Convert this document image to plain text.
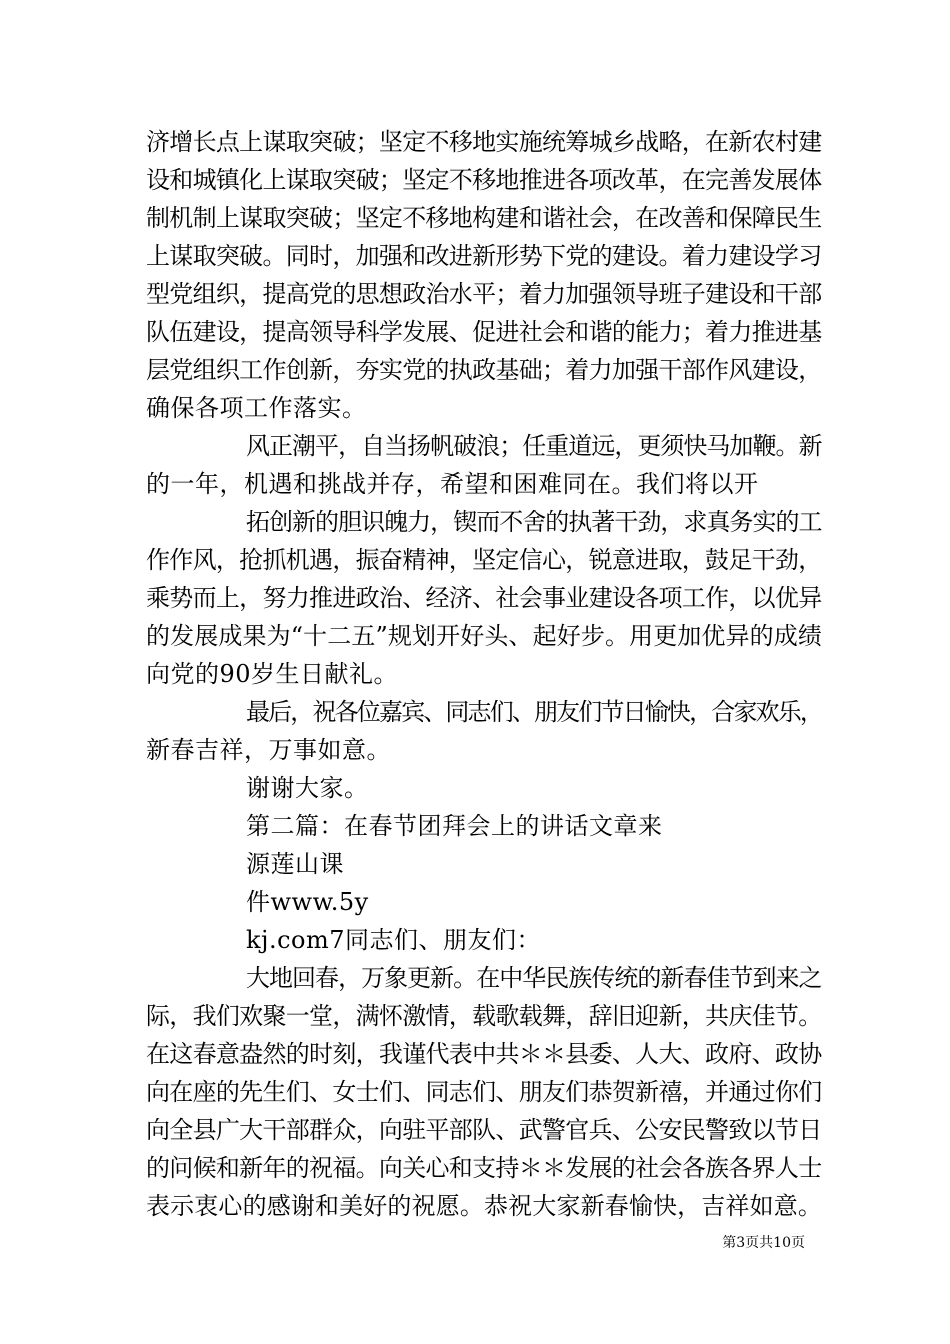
济增长点上谋取突破；坚定不移地实施统筹城乡战略，在新农村建
设和城镇化上谋取突破；坚定不移地推进各项改革，在完善发展体
制机制上谋取突破；坚定不移地构建和谐社会，在改善和保障民生
上谋取突破。同时，加强和改进新形势下党的建设。着力建设学习
型党组织，提高党的思想政治水平；着力加强领导班子建设和干部
队伍建设，提高领导科学发展、促进社会和谐的能力；着力推进基
层党组织工作创新，夯实党的执政基础；着力加强干部作风建设，
确保各项工作落实。
风正潮平，自当扬帆破浪；任重道远，更须快马加鞭。新
的一年，机遇和挑战并存，希望和困难同在。我们将以开
拓创新的胆识魄力，锲而不舍的执著干劲，求真务实的工
作作风，抢抓机遇，振奋精神，坚定信心，锐意进取，鼓足干劲，
乘势而上，努力推进政治、经济、社会事业建设各项工作，以优异
的发展成果为“十二五”规划开好头、起好步。用更加优异的成绩
向党的90岁生日献礼。
最后，祝各位嘉宾、同志们、朋友们节日愉快，合家欢乐，
新春吉祥，万事如意。
谢谢大家。
第二篇：在春节团拜会上的讲话文章来
源莲山课
件www.5y
kj.com7同志们、朋友们：
大地回春，万象更新。在中华民族传统的新春佳节到来之
际，我们欢聚一堂，满怀激情，载歌载舞，辞旧迎新，共庆佳节。
在这春意盎然的时刻，我谨代表中共＊＊县委、人大、政府、政协
向在座的先生们、女士们、同志们、朋友们恭贺新禧，并通过你们
向全县广大干部群众，向驻平部队、武警官兵、公安民警致以节日
的问候和新年的祝福。向关心和支持＊＊发展的社会各族各界人士
表示衷心的感谢和美好的祝愿。恭祝大家新春愉快，吉祥如意。
第3页共10页
